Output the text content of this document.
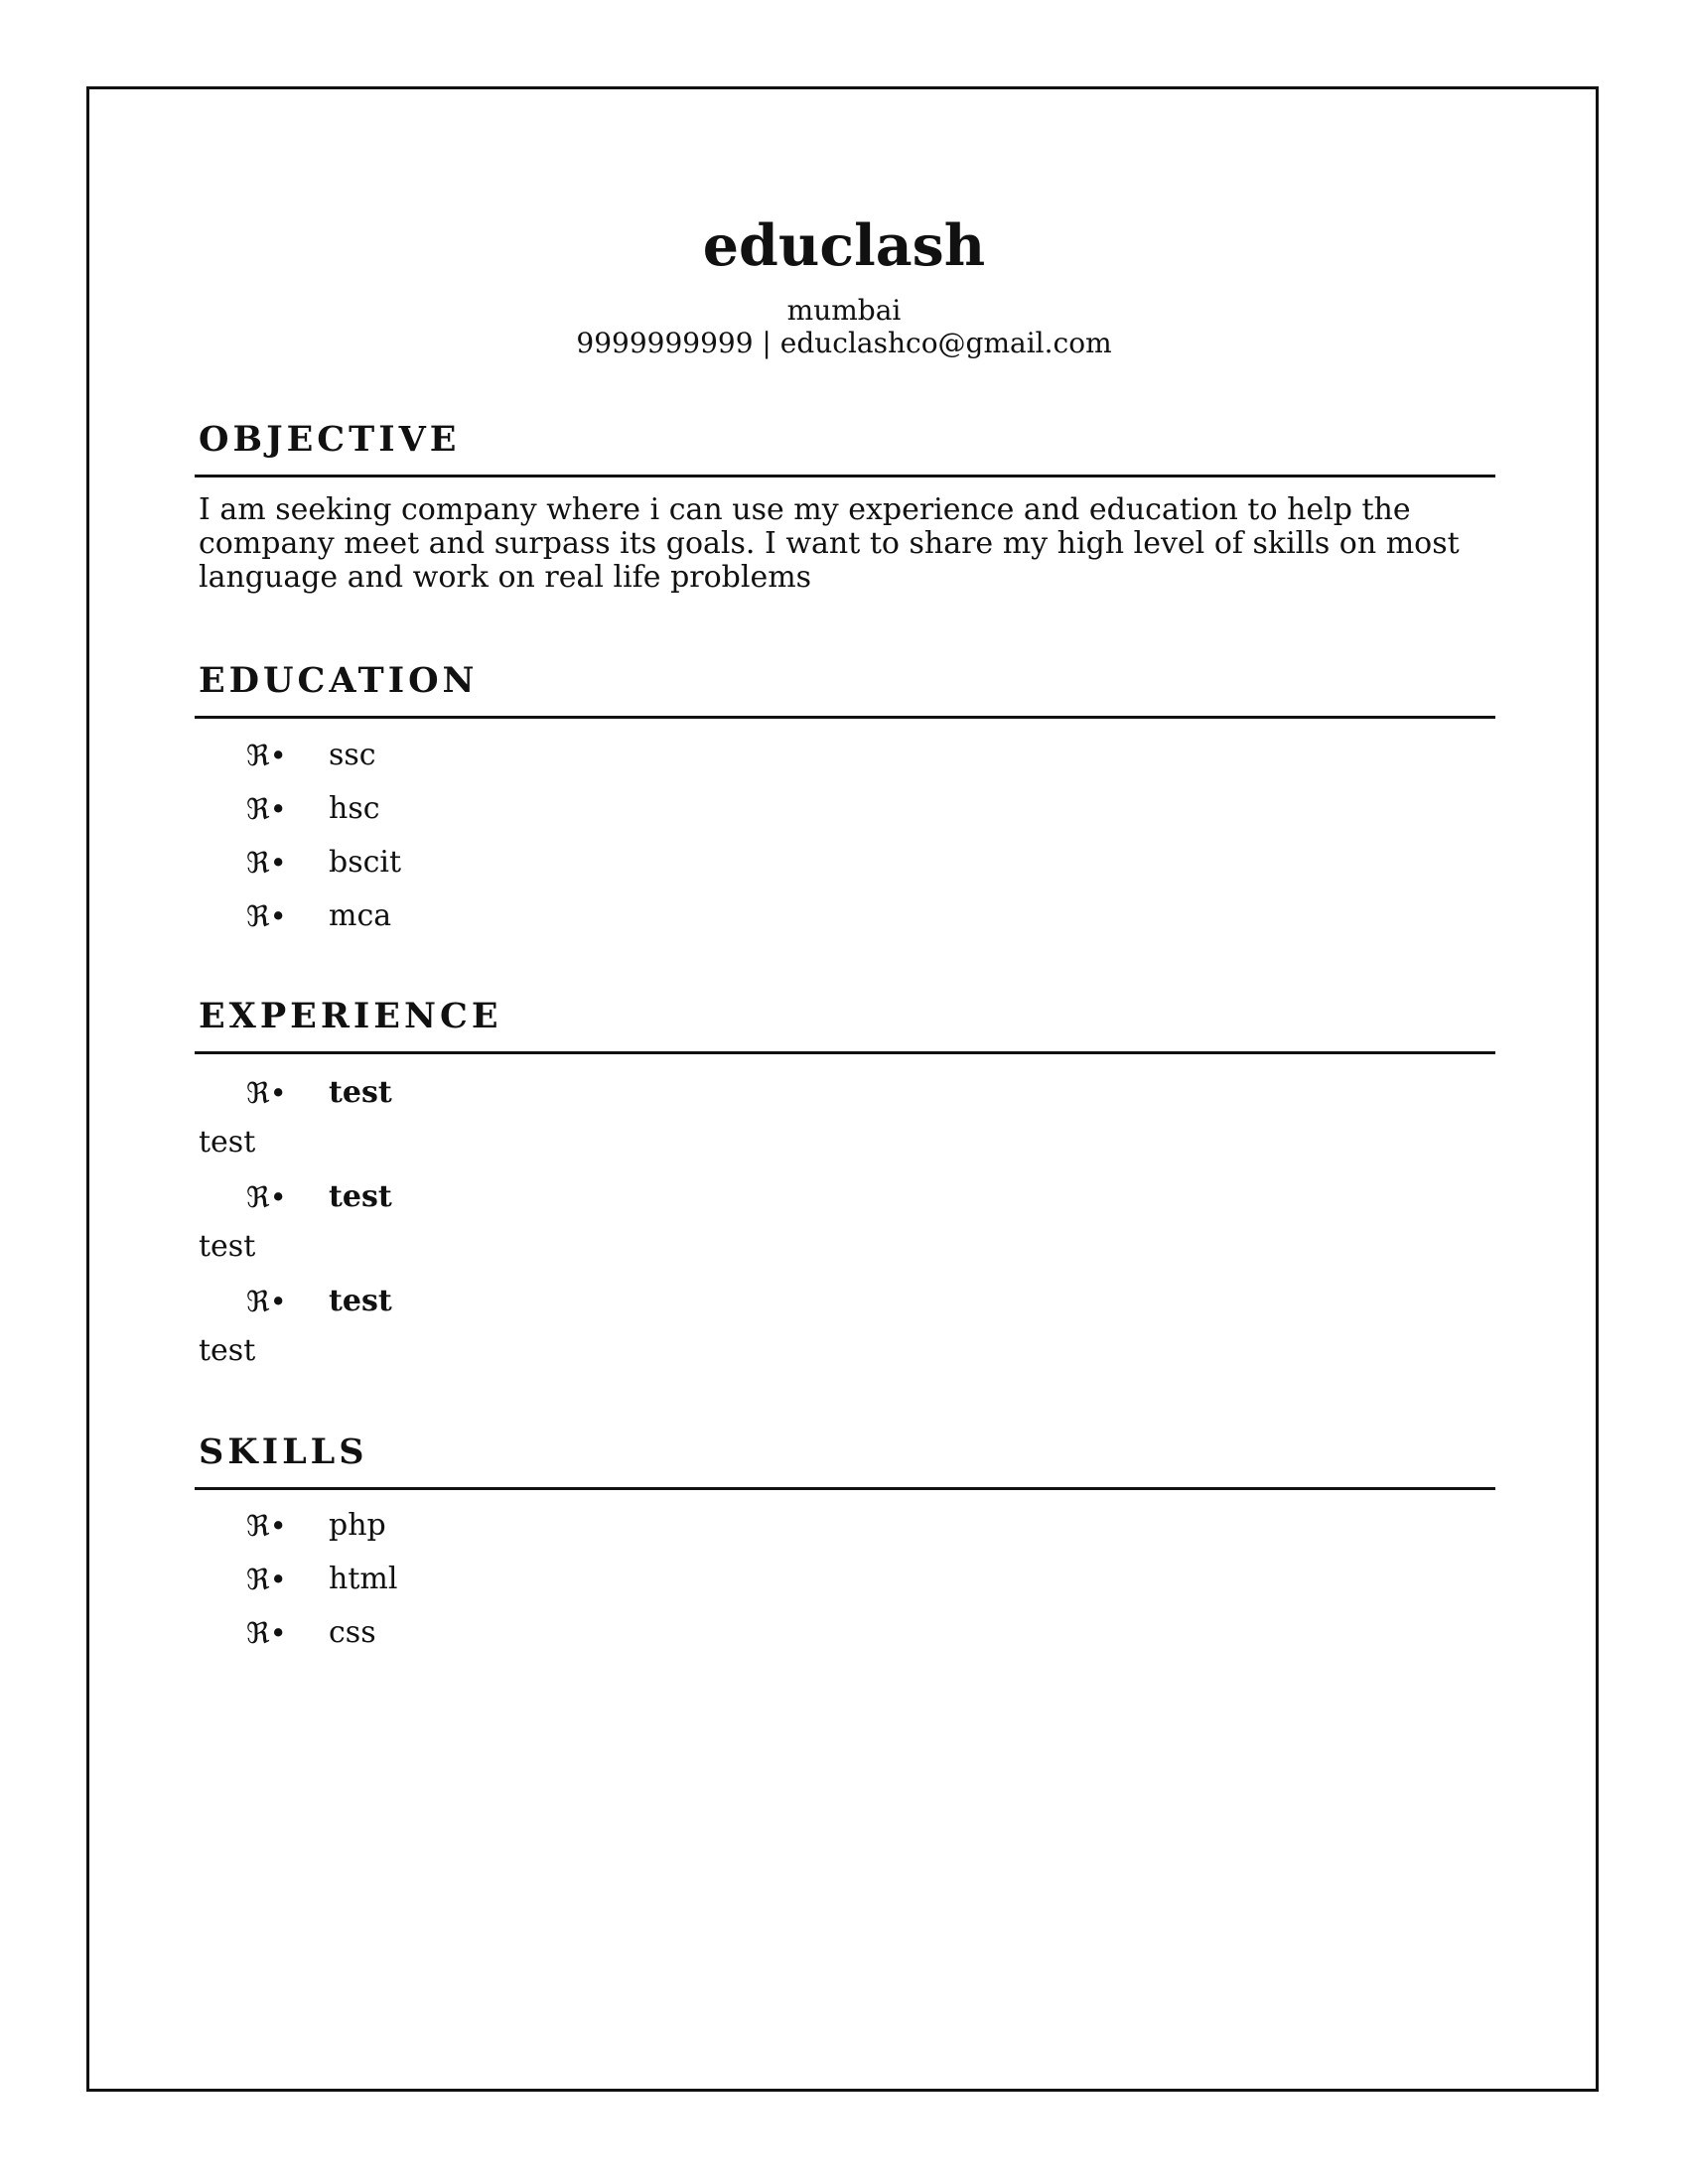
educlash
mumbai
9999999999 | educlashco@gmail.com
OBJECTIVE
I am seeking company where i can use my experience and education to help the company meet and surpass its goals. I want to share my high level of skills on most language and work on real life problems
EDUCATION
ℜ• ssc
ℜ• hsc
ℜ• bscit
ℜ• mca
EXPERIENCE
ℜ• test
test
ℜ• test
test
ℜ• test
test
SKILLS
ℜ• php
ℜ• html
ℜ• css
